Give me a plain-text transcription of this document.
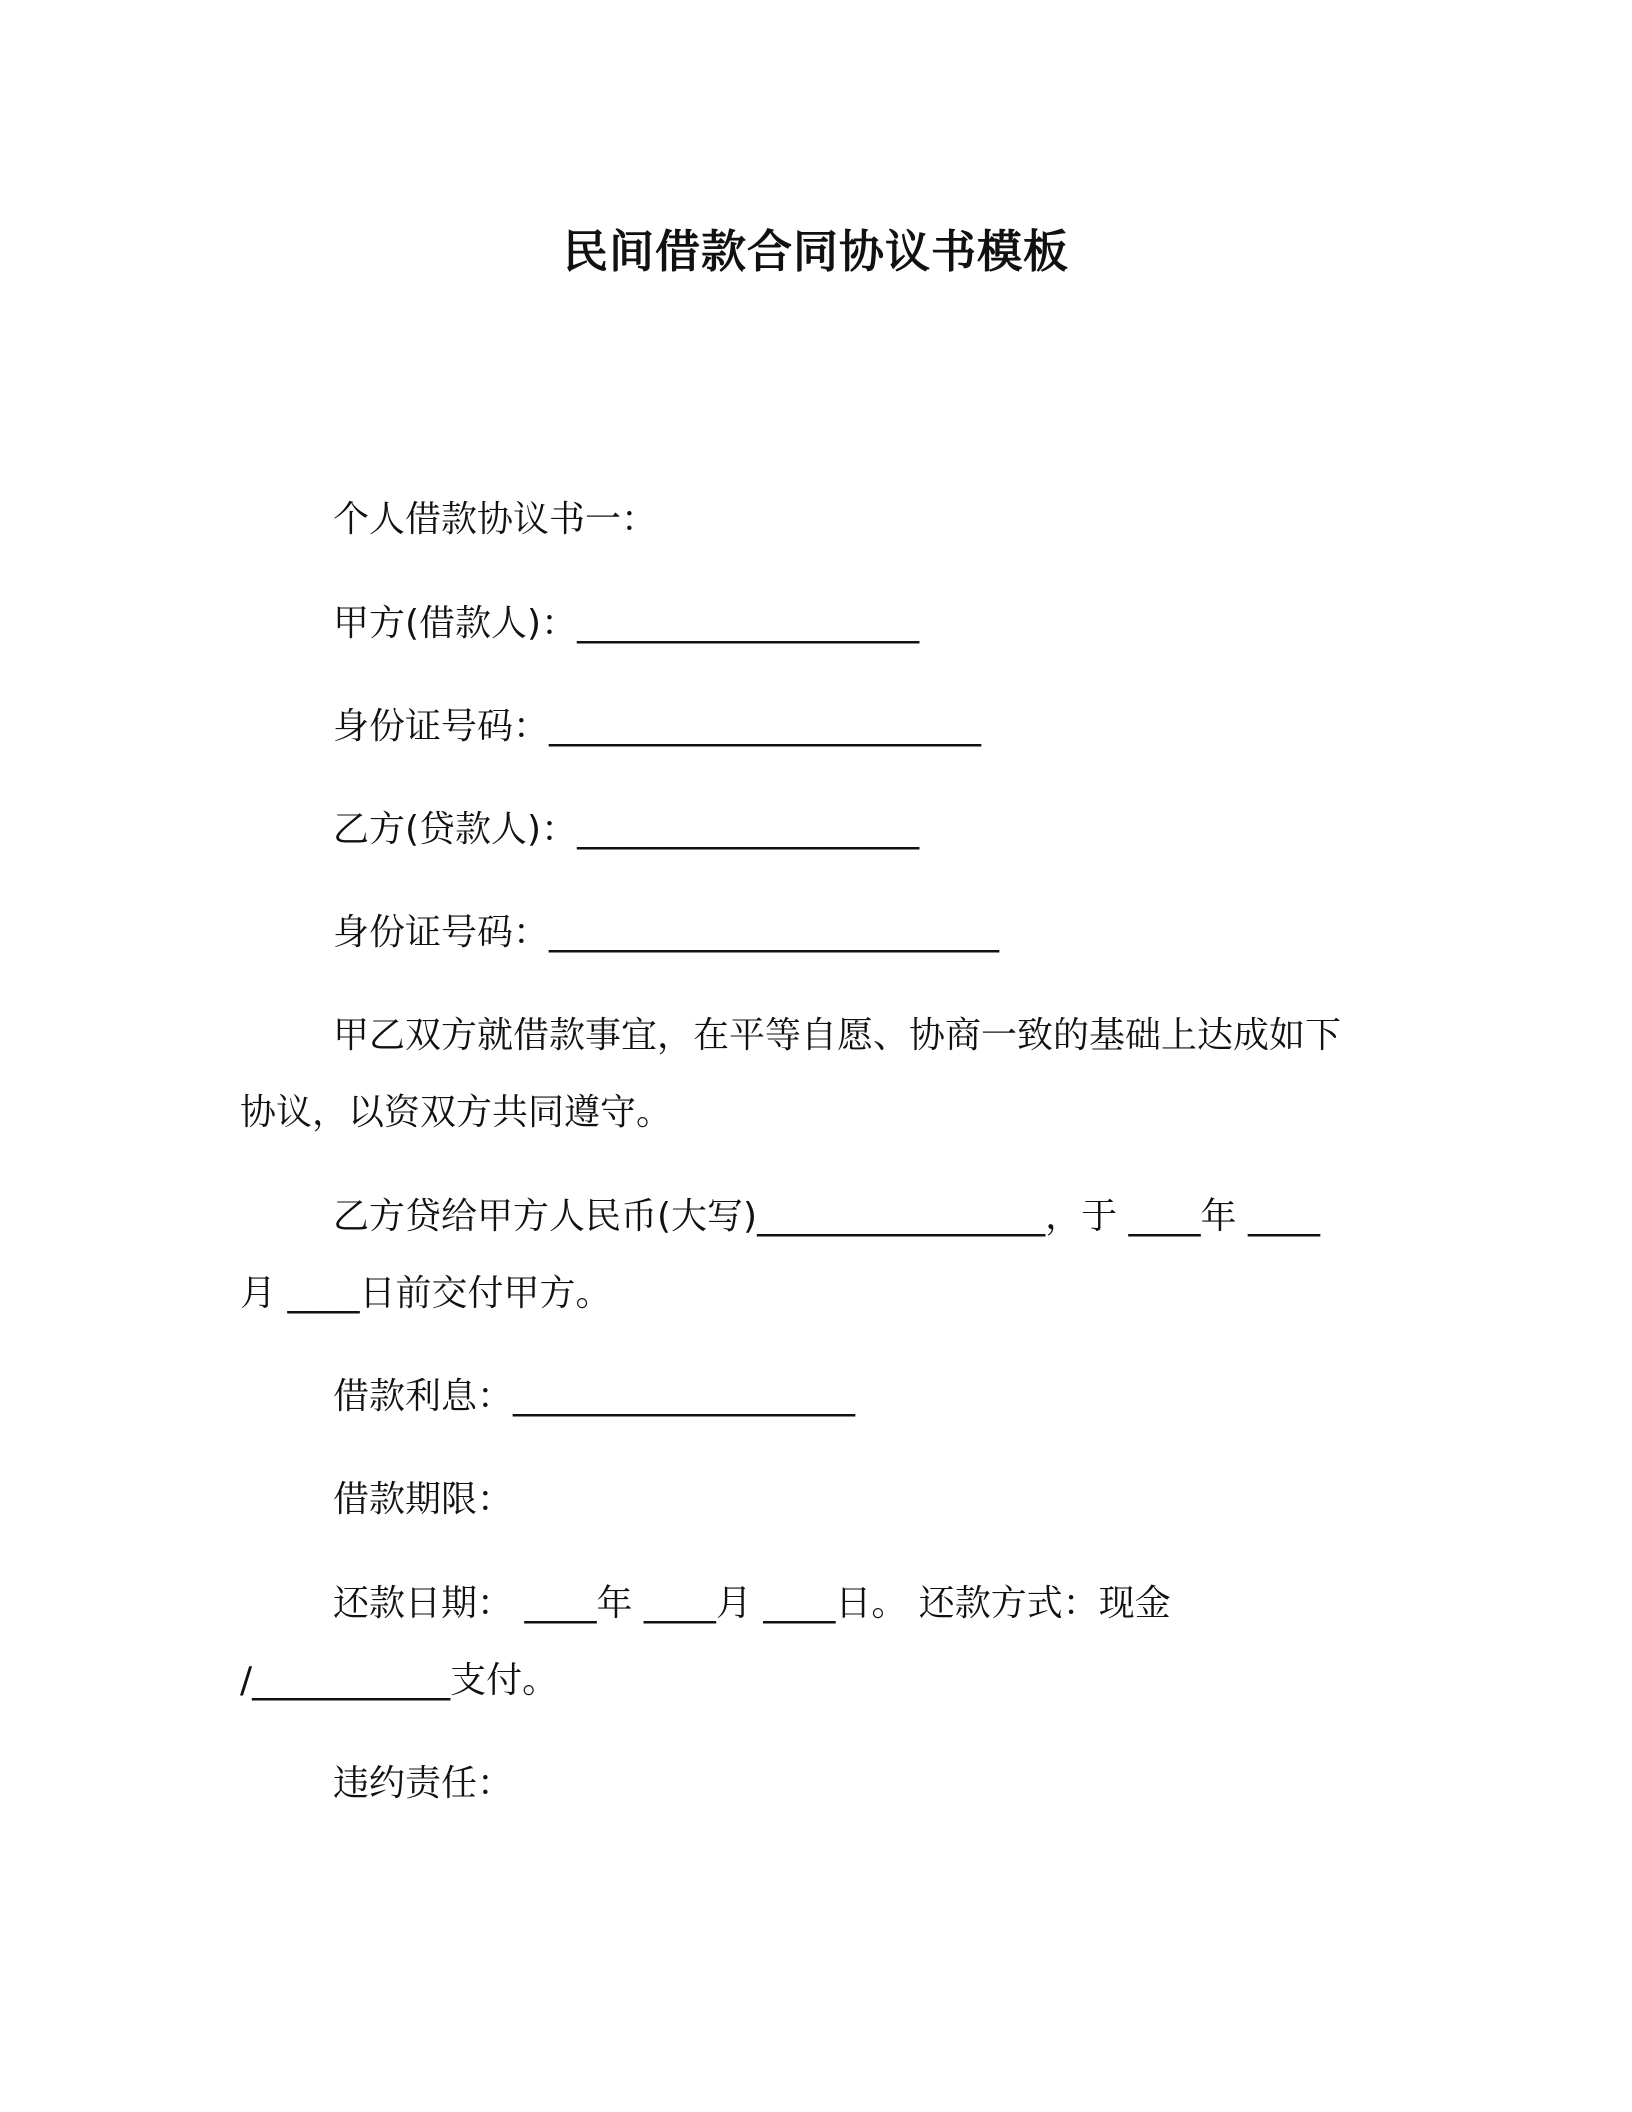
民间借款合同协议书模板
个人借款协议书一：
甲方(借款人)：___________________
身份证号码：________________________
乙方(贷款人)：___________________
身份证号码：_________________________
甲乙双方就借款事宜，在平等自愿、协商一致的基础上达成如下
协议，以资双方共同遵守。
乙方贷给甲方人民币(大写)________________，于 ____年 ____
月 ____日前交付甲方。
借款利息：___________________
借款期限：
还款日期： ____年 ____月 ____日。 还款方式：现金
/___________支付。
违约责任：
